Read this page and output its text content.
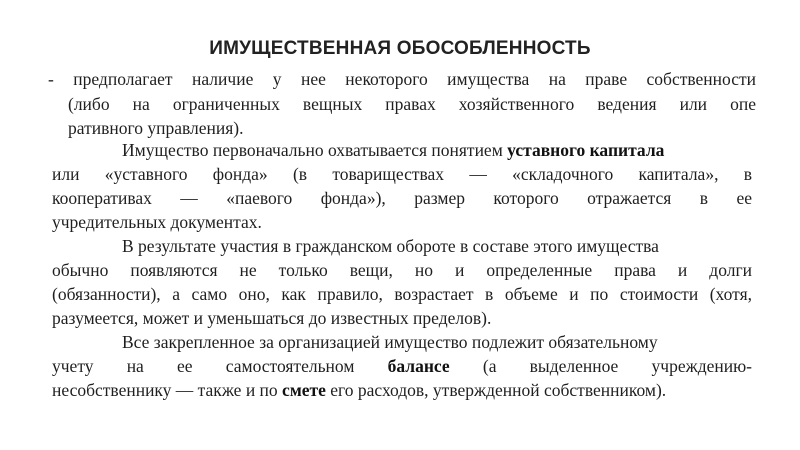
ИМУЩЕСТВЕННАЯ ОБОСОБЛЕННОСТЬ
- предполагает наличие у нее некоторого имущества на праве собственности
(либо на ограниченных вещных правах хозяйственного ведения или опе
ративного управления).
Имущество первоначально охватывается понятием уставного капитала
или «уставного фонда» (в товариществах — «складочного капитала», в
кооперативах — «паевого фонда»), размер которого отражается в ее
учредительных документах.
В результате участия в гражданском обороте в составе этого имущества
обычно появляются не только вещи, но и определенные права и долги
(обязанности), а само оно, как правило, возрастает в объеме и по стоимости (хотя,
разумеется, может и уменьшаться до известных пределов).
Все закрепленное за организацией имущество подлежит обязательному
учету на ее самостоятельном балансе (а выделенное учреждению-
несобственнику — также и по смете его расходов, утвержденной собственником).
